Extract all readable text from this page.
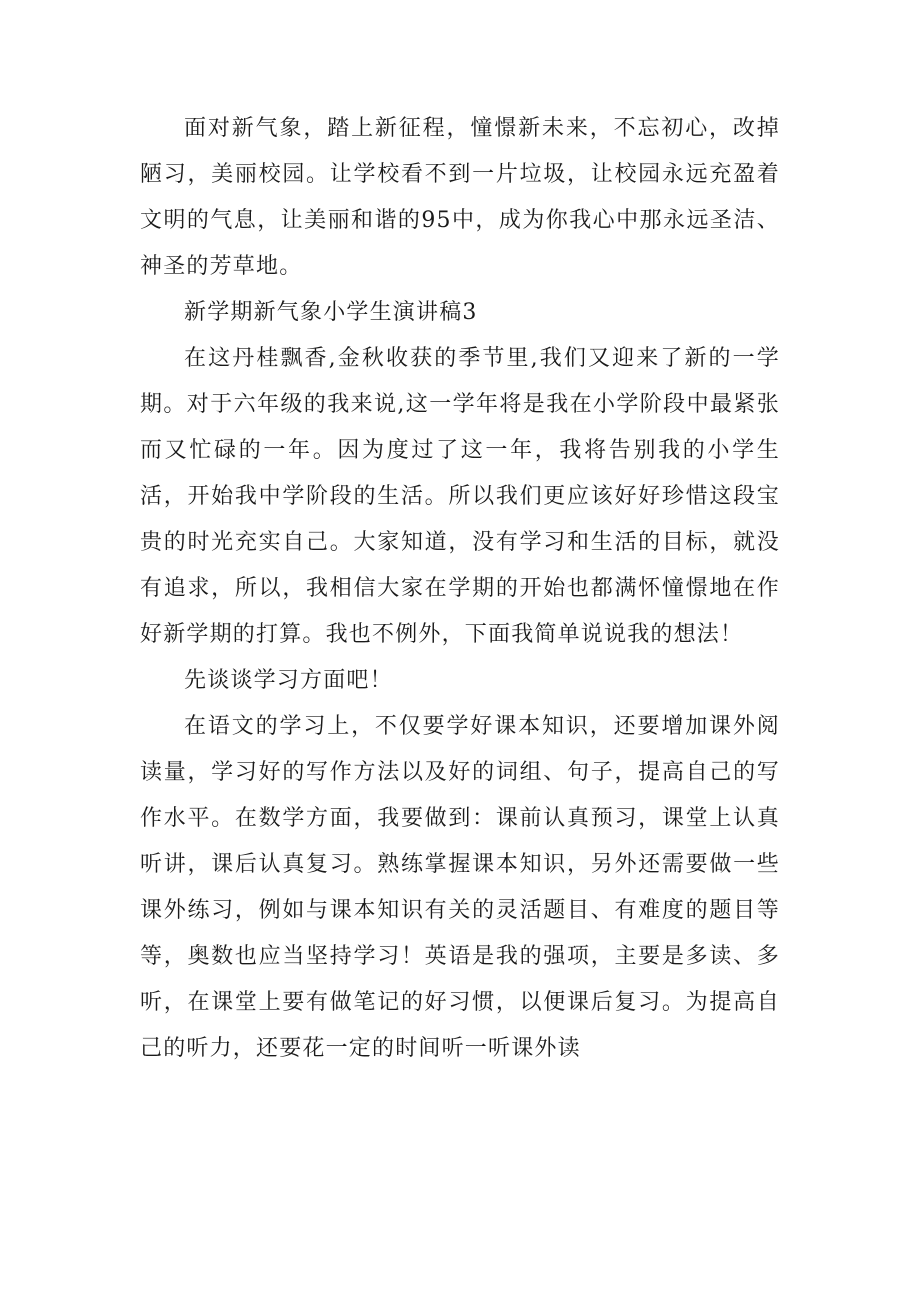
面对新气象，踏上新征程，憧憬新未来，不忘初心，改掉陋习，美丽校园。让学校看不到一片垃圾，让校园永远充盈着文明的气息，让美丽和谐的95中，成为你我心中那永远圣洁、神圣的芳草地。

新学期新气象小学生演讲稿3

在这丹桂飘香,金秋收获的季节里,我们又迎来了新的一学期。对于六年级的我来说,这一学年将是我在小学阶段中最紧张而又忙碌的一年。因为度过了这一年，我将告别我的小学生活，开始我中学阶段的生活。所以我们更应该好好珍惜这段宝贵的时光充实自己。大家知道，没有学习和生活的目标，就没有追求，所以，我相信大家在学期的开始也都满怀憧憬地在作好新学期的打算。我也不例外，下面我简单说说我的想法！

先谈谈学习方面吧！

在语文的学习上，不仅要学好课本知识，还要增加课外阅读量，学习好的写作方法以及好的词组、句子，提高自己的写作水平。在数学方面，我要做到：课前认真预习，课堂上认真听讲，课后认真复习。熟练掌握课本知识，另外还需要做一些课外练习，例如与课本知识有关的灵活题目、有难度的题目等等，奥数也应当坚持学习！英语是我的强项，主要是多读、多听，在课堂上要有做笔记的好习惯，以便课后复习。为提高自己的听力，还要花一定的时间听一听课外读
